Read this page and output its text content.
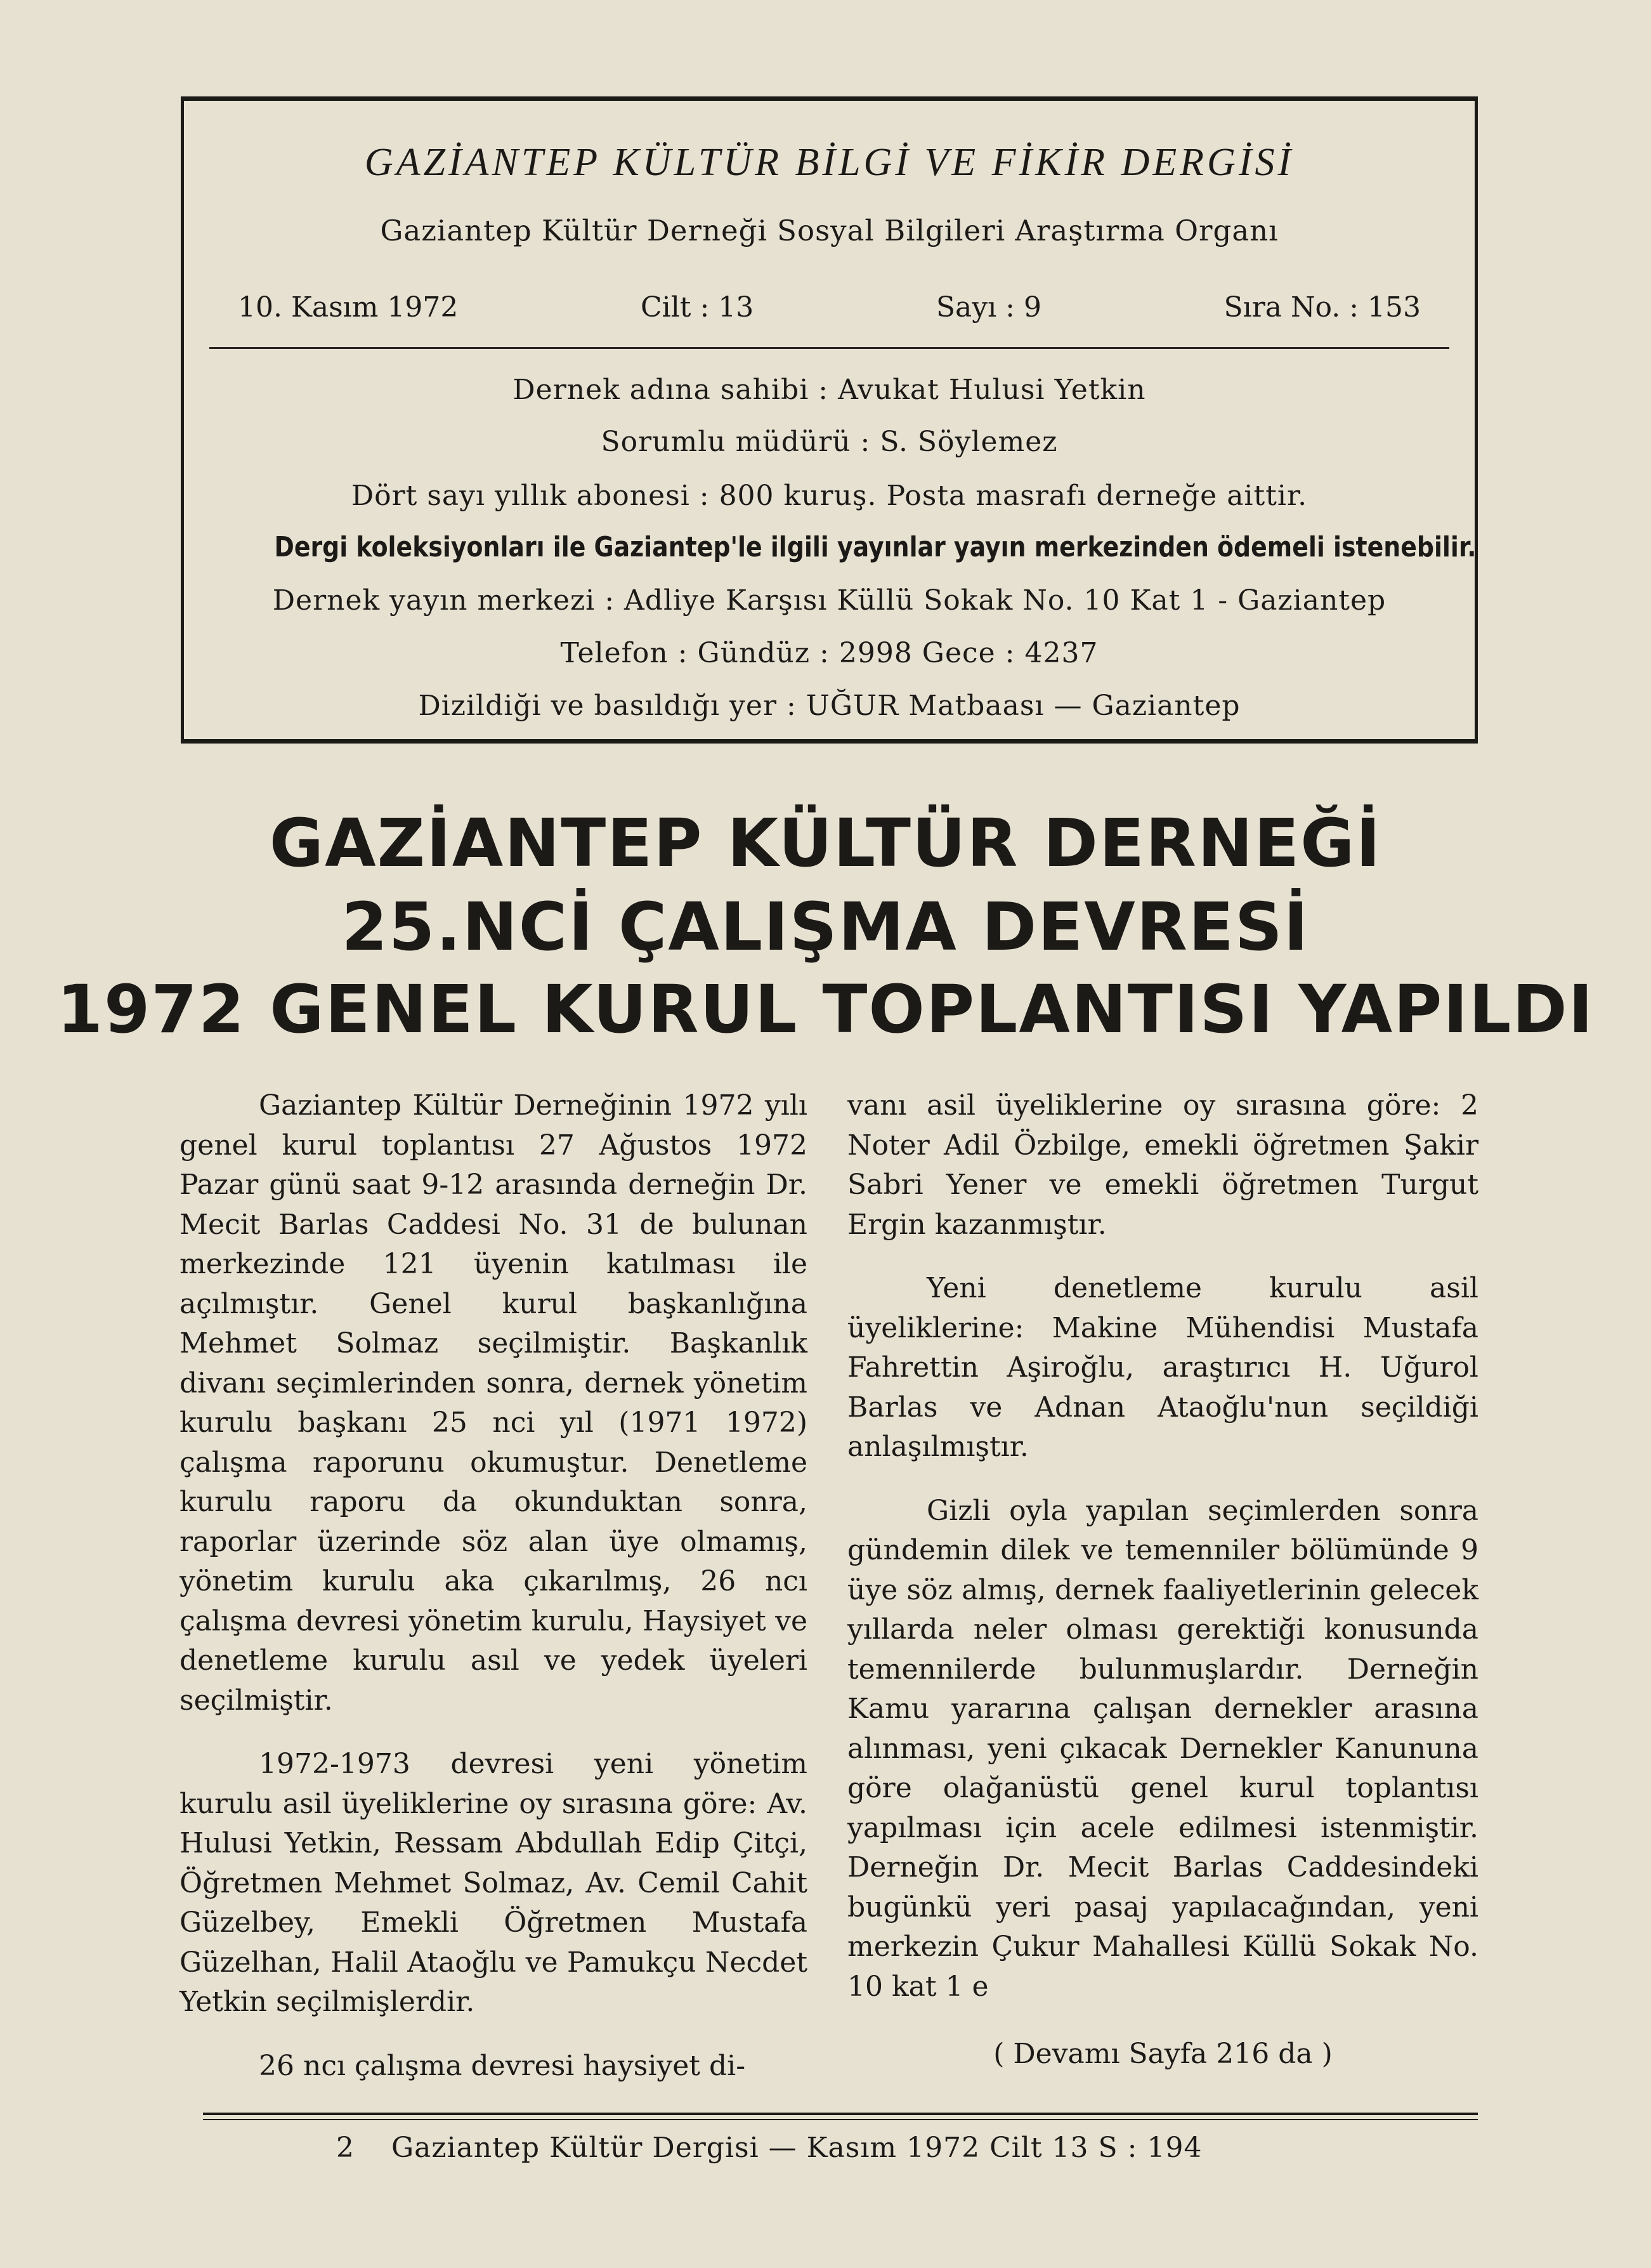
GAZİANTEP KÜLTÜR BİLGİ VE FİKİR DERGİSİ
Gaziantep Kültür Derneği Sosyal Bilgileri Araştırma Organı
10. Kasım 1972	Cilt : 13	Sayı : 9	Sıra No. : 153
Dernek adına sahibi : Avukat Hulusi Yetkin
Sorumlu müdürü : S. Söylemez
Dört sayı yıllık abonesi : 800 kuruş. Posta masrafı derneğe aittir.
Dergi koleksiyonları ile Gaziantep'le ilgili yayınlar yayın merkezinden ödemeli istenebilir.
Dernek yayın merkezi : Adliye Karşısı Küllü Sokak No. 10 Kat 1 - Gaziantep
Telefon : Gündüz : 2998 Gece : 4237
Dizildiği ve basıldığı yer : UĞUR Matbaası — Gaziantep
GAZİANTEP KÜLTÜR DERNEĞİ
25.NCİ ÇALIŞMA DEVRESİ
1972 GENEL KURUL TOPLANTISI YAPILDI

Gaziantep Kültür Derneğinin 1972 yılı genel kurul toplantısı 27 Ağustos 1972 Pazar günü saat 9-12 arasında derneğin Dr. Mecit Barlas Caddesi No. 31 de bulunan merkezinde 121 üyenin katılması ile açılmıştır. Genel kurul başkanlığına Mehmet Solmaz seçilmiştir. Başkanlık divanı seçimlerinden sonra, dernek yönetim kurulu başkanı 25 nci yıl (1971 1972) çalışma raporunu okumuştur. Denetleme kurulu raporu da okunduktan sonra, raporlar üzerinde söz alan üye olmamış, yönetim kurulu aka çıkarılmış, 26 ncı çalışma devresi yönetim kurulu, Haysiyet ve denetleme kurulu asıl ve yedek üyeleri seçilmiştir.

1972-1973 devresi yeni yönetim kurulu asil üyeliklerine oy sırasına göre: Av. Hulusi Yetkin, Ressam Abdullah Edip Çitçi, Öğretmen Mehmet Solmaz, Av. Cemil Cahit Güzelbey, Emekli Öğretmen Mustafa Güzelhan, Halil Ataoğlu ve Pamukçu Necdet Yetkin seçilmişlerdir.

26 ncı çalışma devresi haysiyet di-

vanı asil üyeliklerine oy sırasına göre: 2 Noter Adil Özbilge, emekli öğretmen Şakir Sabri Yener ve emekli öğretmen Turgut Ergin kazanmıştır.

Yeni denetleme kurulu asil üyeliklerine: Makine Mühendisi Mustafa Fahrettin Aşiroğlu, araştırıcı H. Uğurol Barlas ve Adnan Ataoğlu'nun seçildiği anlaşılmıştır.

Gizli oyla yapılan seçimlerden sonra gündemin dilek ve temenniler bölümünde 9 üye söz almış, dernek faaliyetlerinin gelecek yıllarda neler olması gerektiği konusunda temennilerde bulunmuşlardır. Derneğin Kamu yararına çalışan dernekler arasına alınması, yeni çıkacak Dernekler Kanununa göre olağanüstü genel kurul toplantısı yapılması için acele edilmesi istenmiştir. Derneğin Dr. Mecit Barlas Caddesindeki bugünkü yeri pasaj yapılacağından, yeni merkezin Çukur Mahallesi Küllü Sokak No. 10 kat 1 e

( Devamı Sayfa 216 da )
2 Gaziantep Kültür Dergisi — Kasım 1972 Cilt 13 S : 194
